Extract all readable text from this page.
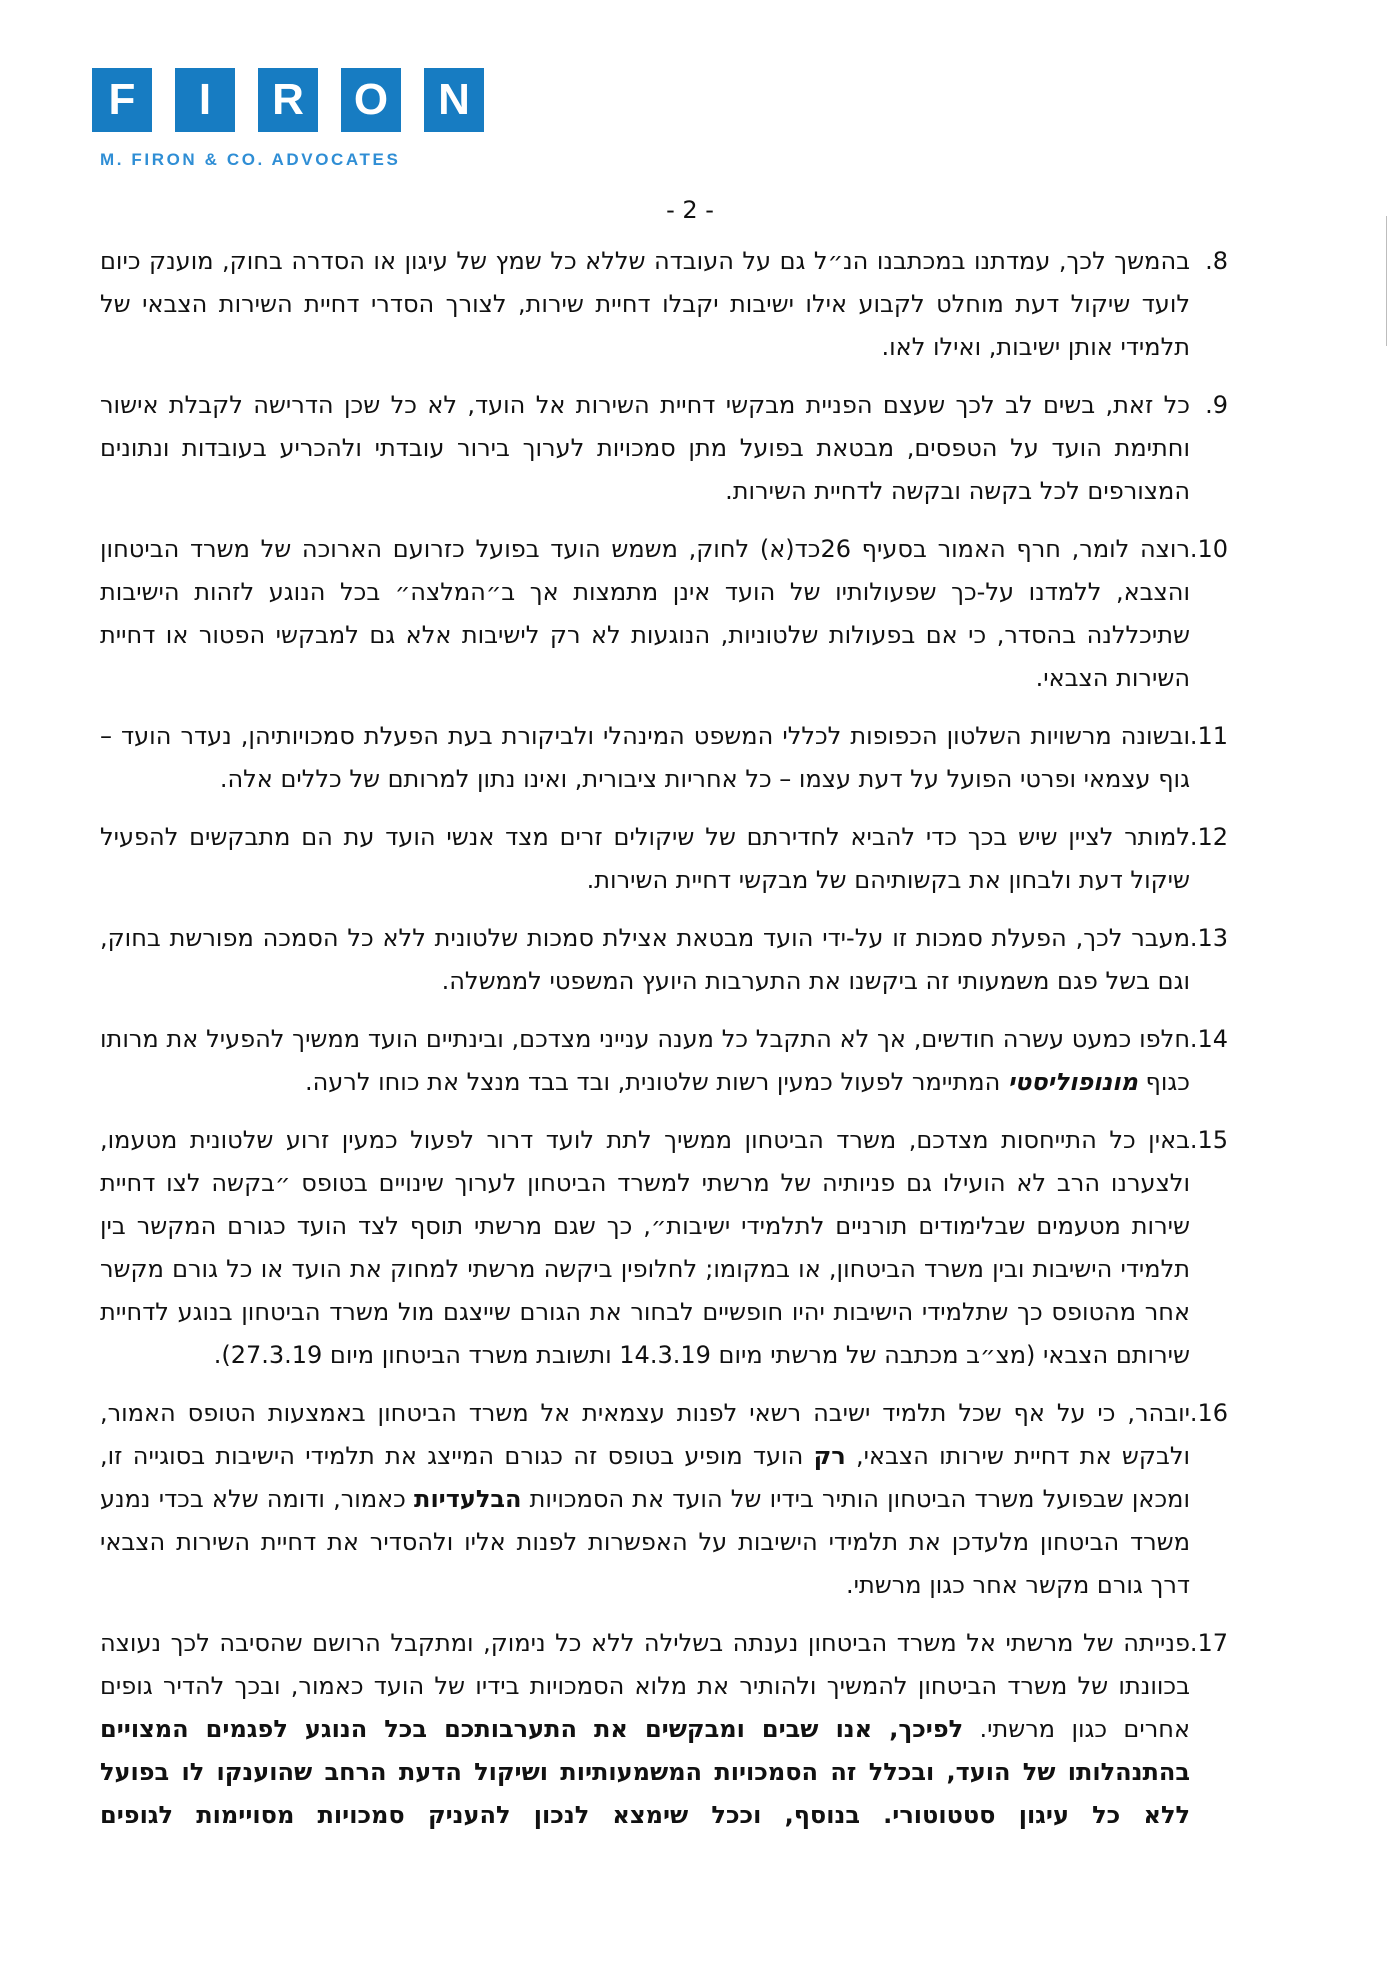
F	I	R	O	N
M. FIRON & CO. ADVOCATES
- 2 -
8.
בהמשך לכך, עמדתנו במכתבנו הנ״ל גם על העובדה שללא כל שמץ של עיגון או הסדרה בחוק, מוענק כיום לועד שיקול דעת מוחלט לקבוע אילו ישיבות יקבלו דחיית שירות, לצורך הסדרי דחיית השירות הצבאי של תלמידי אותן ישיבות, ואילו לאו.
9.
כל זאת, בשים לב לכך שעצם הפניית מבקשי דחיית השירות אל הועד, לא כל שכן הדרישה לקבלת אישור וחתימת הועד על הטפסים, מבטאת בפועל מתן סמכויות לערוך בירור עובדתי ולהכריע בעובדות ונתונים המצורפים לכל בקשה ובקשה לדחיית השירות.
10.
רוצה לומר, חרף האמור בסעיף 26כד(א) לחוק, משמש הועד בפועל כזרועם הארוכה של משרד הביטחון והצבא, ללמדנו על-כך שפעולותיו של הועד אינן מתמצות אך ב״המלצה״ בכל הנוגע לזהות הישיבות שתיכללנה בהסדר, כי אם בפעולות שלטוניות, הנוגעות לא רק לישיבות אלא גם למבקשי הפטור או דחיית השירות הצבאי.
11.
ובשונה מרשויות השלטון הכפופות לכללי המשפט המינהלי ולביקורת בעת הפעלת סמכויותיהן, נעדר הועד – גוף עצמאי ופרטי הפועל על דעת עצמו – כל אחריות ציבורית, ואינו נתון למרותם של כללים אלה.
12.
למותר לציין שיש בכך כדי להביא לחדירתם של שיקולים זרים מצד אנשי הועד עת הם מתבקשים להפעיל שיקול דעת ולבחון את בקשותיהם של מבקשי דחיית השירות.
13.
מעבר לכך, הפעלת סמכות זו על-ידי הועד מבטאת אצילת סמכות שלטונית ללא כל הסמכה מפורשת בחוק, וגם בשל פגם משמעותי זה ביקשנו את התערבות היועץ המשפטי לממשלה.
14.
חלפו כמעט עשרה חודשים, אך לא התקבל כל מענה ענייני מצדכם, ובינתיים הועד ממשיך להפעיל את מרותו כגוף מונופוליסטי המתיימר לפעול כמעין רשות שלטונית, ובד בבד מנצל את כוחו לרעה.
15.
באין כל התייחסות מצדכם, משרד הביטחון ממשיך לתת לועד דרור לפעול כמעין זרוע שלטונית מטעמו, ולצערנו הרב לא הועילו גם פניותיה של מרשתי למשרד הביטחון לערוך שינויים בטופס ״בקשה לצו דחיית שירות מטעמים שבלימודים תורניים לתלמידי ישיבות״, כך שגם מרשתי תוסף לצד הועד כגורם המקשר בין תלמידי הישיבות ובין משרד הביטחון, או במקומו; לחלופין ביקשה מרשתי למחוק את הועד או כל גורם מקשר אחר מהטופס כך שתלמידי הישיבות יהיו חופשיים לבחור את הגורם שייצגם מול משרד הביטחון בנוגע לדחיית שירותם הצבאי (מצ״ב מכתבה של מרשתי מיום 14.3.19 ותשובת משרד הביטחון מיום 27.3.19).
16.
יובהר, כי על אף שכל תלמיד ישיבה רשאי לפנות עצמאית אל משרד הביטחון באמצעות הטופס האמור, ולבקש את דחיית שירותו הצבאי, רק הועד מופיע בטופס זה כגורם המייצג את תלמידי הישיבות בסוגייה זו, ומכאן שבפועל משרד הביטחון הותיר בידיו של הועד את הסמכויות הבלעדיות כאמור, ודומה שלא בכדי נמנע משרד הביטחון מלעדכן את תלמידי הישיבות על האפשרות לפנות אליו ולהסדיר את דחיית השירות הצבאי דרך גורם מקשר אחר כגון מרשתי.
17.
פנייתה של מרשתי אל משרד הביטחון נענתה בשלילה ללא כל נימוק, ומתקבל הרושם שהסיבה לכך נעוצה בכוונתו של משרד הביטחון להמשיך ולהותיר את מלוא הסמכויות בידיו של הועד כאמור, ובכך להדיר גופים אחרים כגון מרשתי. לפיכך, אנו שבים ומבקשים את התערבותכם בכל הנוגע לפגמים המצויים בהתנהלותו של הועד, ובכלל זה הסמכויות המשמעותיות ושיקול הדעת הרחב שהוענקו לו בפועל ללא כל עיגון סטטוטורי. בנוסף, וככל שימצא לנכון להעניק סמכויות מסויימות לגופים
